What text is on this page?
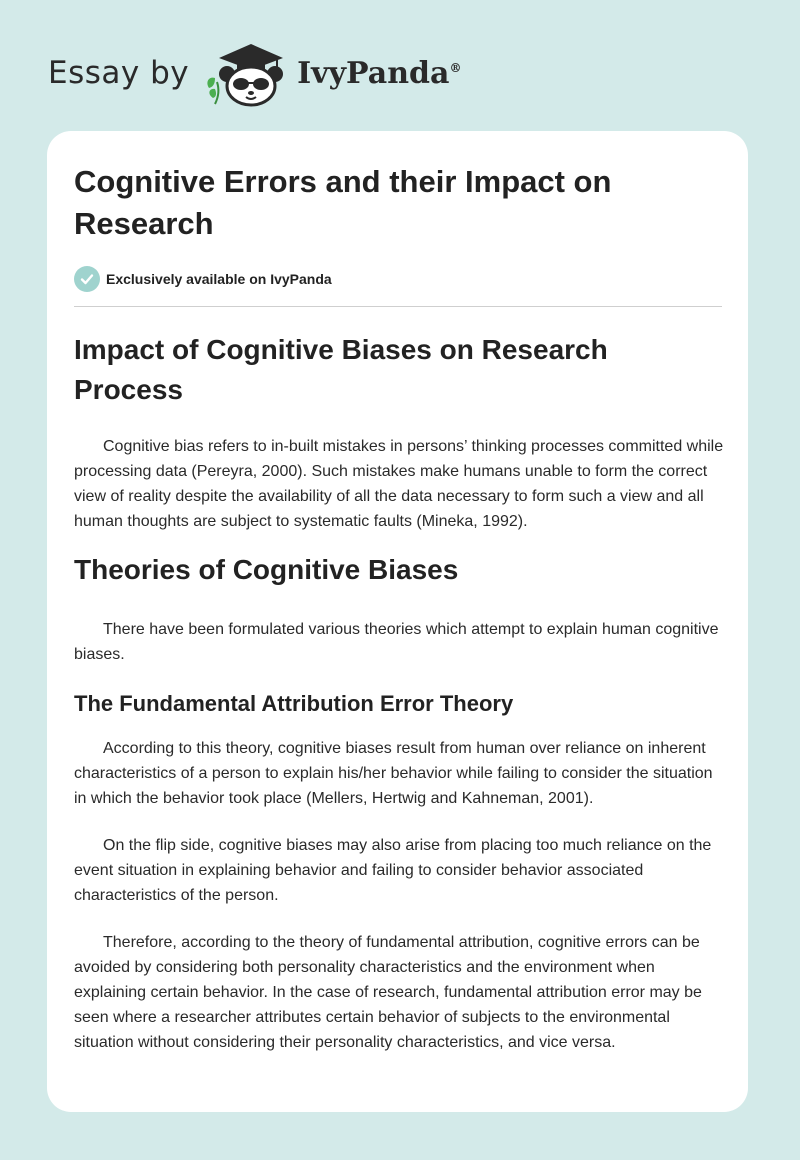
Essay by	IvyPanda®
Cognitive Errors and their Impact on Research
Exclusively available on IvyPanda
Impact of Cognitive Biases on Research Process

Cognitive bias refers to in-built mistakes in persons’ thinking processes committed while processing data (Pereyra, 2000). Such mistakes make humans unable to form the correct view of reality despite the availability of all the data necessary to form such a view and all human thoughts are subject to systematic faults (Mineka, 1992).

Theories of Cognitive Biases

There have been formulated various theories which attempt to explain human cognitive biases.

The Fundamental Attribution Error Theory

According to this theory, cognitive biases result from human over reliance on inherent characteristics of a person to explain his/her behavior while failing to consider the situation in which the behavior took place (Mellers, Hertwig and Kahneman, 2001).

On the flip side, cognitive biases may also arise from placing too much reliance on the event situation in explaining behavior and failing to consider behavior associated characteristics of the person.

Therefore, according to the theory of fundamental attribution, cognitive errors can be avoided by considering both personality characteristics and the environment when explaining certain behavior. In the case of research, fundamental attribution error may be seen where a researcher attributes certain behavior of subjects to the environmental situation without considering their personality characteristics, and vice versa.
